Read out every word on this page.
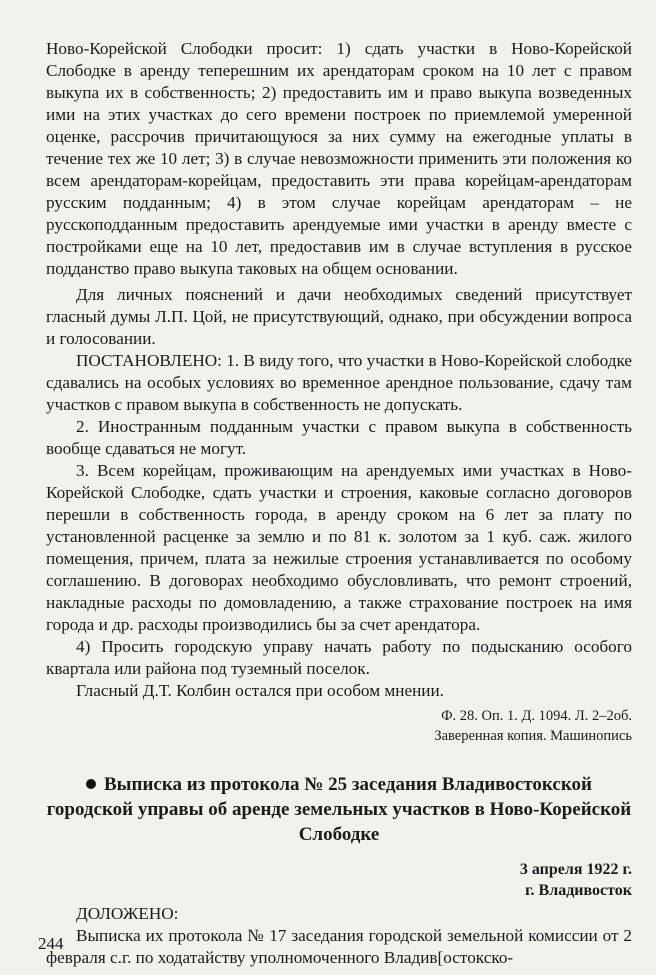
Ново-Корейской Слободки просит: 1) сдать участки в Ново-Корейской Слободке в аренду теперешним их арендаторам сроком на 10 лет с правом выкупа их в собственность; 2) предоставить им и право выкупа возведенных ими на этих участках до сего времени построек по приемлемой умеренной оценке, рассрочив причитающуюся за них сумму на ежегодные уплаты в течение тех же 10 лет; 3) в случае невозможности применить эти положения ко всем арендаторам-корейцам, предоставить эти права корейцам-арендаторам русским подданным; 4) в этом случае корейцам арендаторам – не русскоподданным предоставить арендуемые ими участки в аренду вместе с постройками еще на 10 лет, предоставив им в случае вступления в русское подданство право выкупа таковых на общем основании.

Для личных пояснений и дачи необходимых сведений присутствует гласный думы Л.П. Цой, не присутствующий, однако, при обсуждении вопроса и голосовании.

ПОСТАНОВЛЕНО: 1. В виду того, что участки в Ново-Корейской слободке сдавались на особых условиях во временное арендное пользование, сдачу там участков с правом выкупа в собственность не допускать.

2. Иностранным подданным участки с правом выкупа в собственность вообще сдаваться не могут.

3. Всем корейцам, проживающим на арендуемых ими участках в Ново-Корейской Слободке, сдать участки и строения, каковые согласно договоров перешли в собственность города, в аренду сроком на 6 лет за плату по установленной расценке за землю и по 81 к. золотом за 1 куб. саж. жилого помещения, причем, плата за нежилые строения устанавливается по особому соглашению. В договорах необходимо обусловливать, что ремонт строений, накладные расходы по домовладению, а также страхование построек на имя города и др. расходы производились бы за счет арендатора.

4) Просить городскую управу начать работу по подысканию особого квартала или района под туземный поселок.

Гласный Д.Т. Колбин остался при особом мнении.

Ф. 28. Оп. 1. Д. 1094. Л. 2–2об.
Заверенная копия. Машинопись
Выписка из протокола № 25 заседания Владивостокской городской управы об аренде земельных участков в Ново-Корейской Слободке
3 апреля 1922 г.
г. Владивосток

ДОЛОЖЕНО:

Выписка их протокола № 17 заседания городской земельной комиссии от 2 февраля с.г. по ходатайству уполномоченного Владив[остокско-

244
